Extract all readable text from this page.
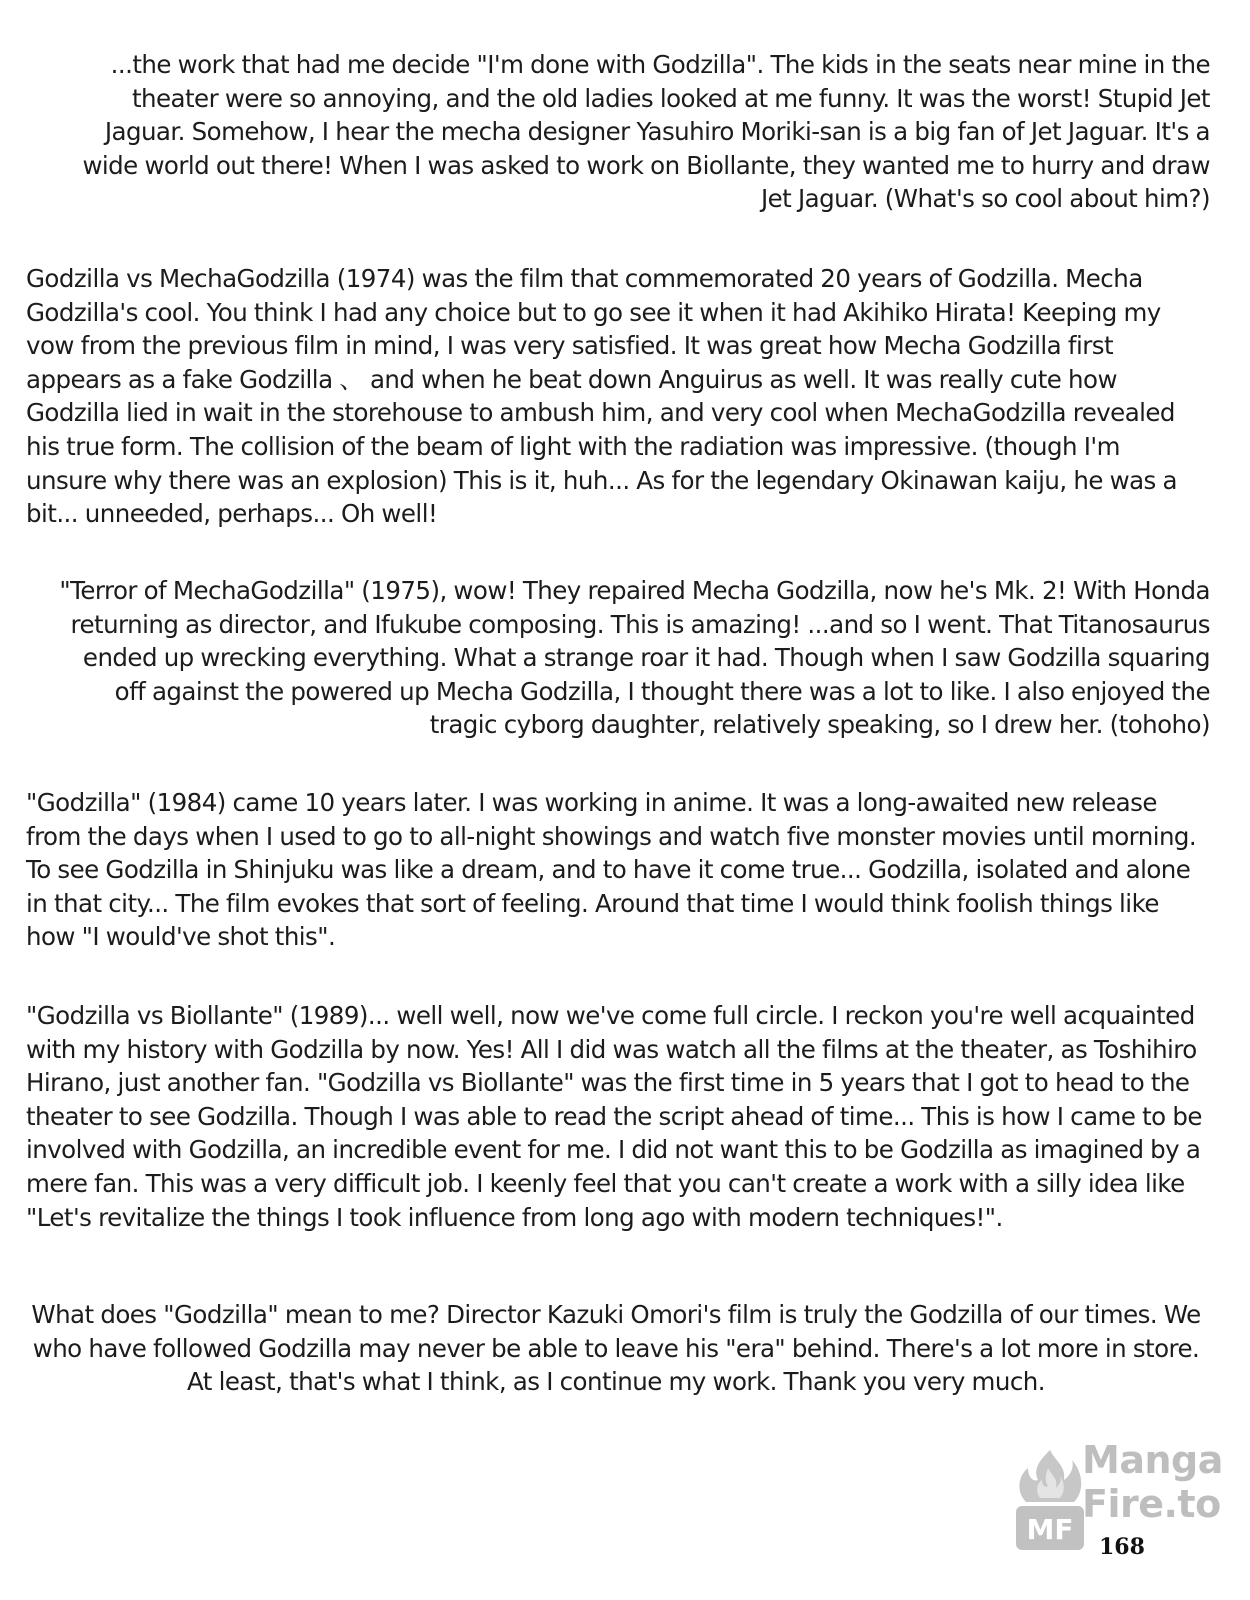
...the work that had me decide "I'm done with Godzilla". The kids in the seats near mine in the theater were so annoying, and the old ladies looked at me funny. It was the worst! Stupid Jet Jaguar. Somehow, I hear the mecha designer Yasuhiro Moriki-san is a big fan of Jet Jaguar. It's a wide world out there! When I was asked to work on Biollante, they wanted me to hurry and draw Jet Jaguar. (What's so cool about him?)

Godzilla vs MechaGodzilla (1974) was the film that commemorated 20 years of Godzilla. Mecha Godzilla's cool. You think I had any choice but to go see it when it had Akihiko Hirata! Keeping my vow from the previous film in mind, I was very satisfied. It was great how Mecha Godzilla first appears as a fake Godzilla 、 and when he beat down Anguirus as well. It was really cute how Godzilla lied in wait in the storehouse to ambush him, and very cool when MechaGodzilla revealed his true form. The collision of the beam of light with the radiation was impressive. (though I'm unsure why there was an explosion) This is it, huh... As for the legendary Okinawan kaiju, he was a bit... unneeded, perhaps... Oh well!

"Terror of MechaGodzilla" (1975), wow! They repaired Mecha Godzilla, now he's Mk. 2! With Honda returning as director, and Ifukube composing. This is amazing! ...and so I went. That Titanosaurus ended up wrecking everything. What a strange roar it had. Though when I saw Godzilla squaring off against the powered up Mecha Godzilla, I thought there was a lot to like. I also enjoyed the tragic cyborg daughter, relatively speaking, so I drew her. (tohoho)

"Godzilla" (1984) came 10 years later. I was working in anime. It was a long-awaited new release from the days when I used to go to all-night showings and watch five monster movies until morning. To see Godzilla in Shinjuku was like a dream, and to have it come true... Godzilla, isolated and alone in that city... The film evokes that sort of feeling. Around that time I would think foolish things like how "I would've shot this".

"Godzilla vs Biollante" (1989)... well well, now we've come full circle. I reckon you're well acquainted with my history with Godzilla by now. Yes! All I did was watch all the films at the theater, as Toshihiro Hirano, just another fan. "Godzilla vs Biollante" was the first time in 5 years that I got to head to the theater to see Godzilla. Though I was able to read the script ahead of time... This is how I came to be involved with Godzilla, an incredible event for me. I did not want this to be Godzilla as imagined by a mere fan. This was a very difficult job. I keenly feel that you can't create a work with a silly idea like "Let's revitalize the things I took influence from long ago with modern techniques!".

What does "Godzilla" mean to me? Director Kazuki Omori's film is truly the Godzilla of our times. We who have followed Godzilla may never be able to leave his "era" behind. There's a lot more in store. At least, that's what I think, as I continue my work. Thank you very much.

MF
Manga
Fire.to
168
